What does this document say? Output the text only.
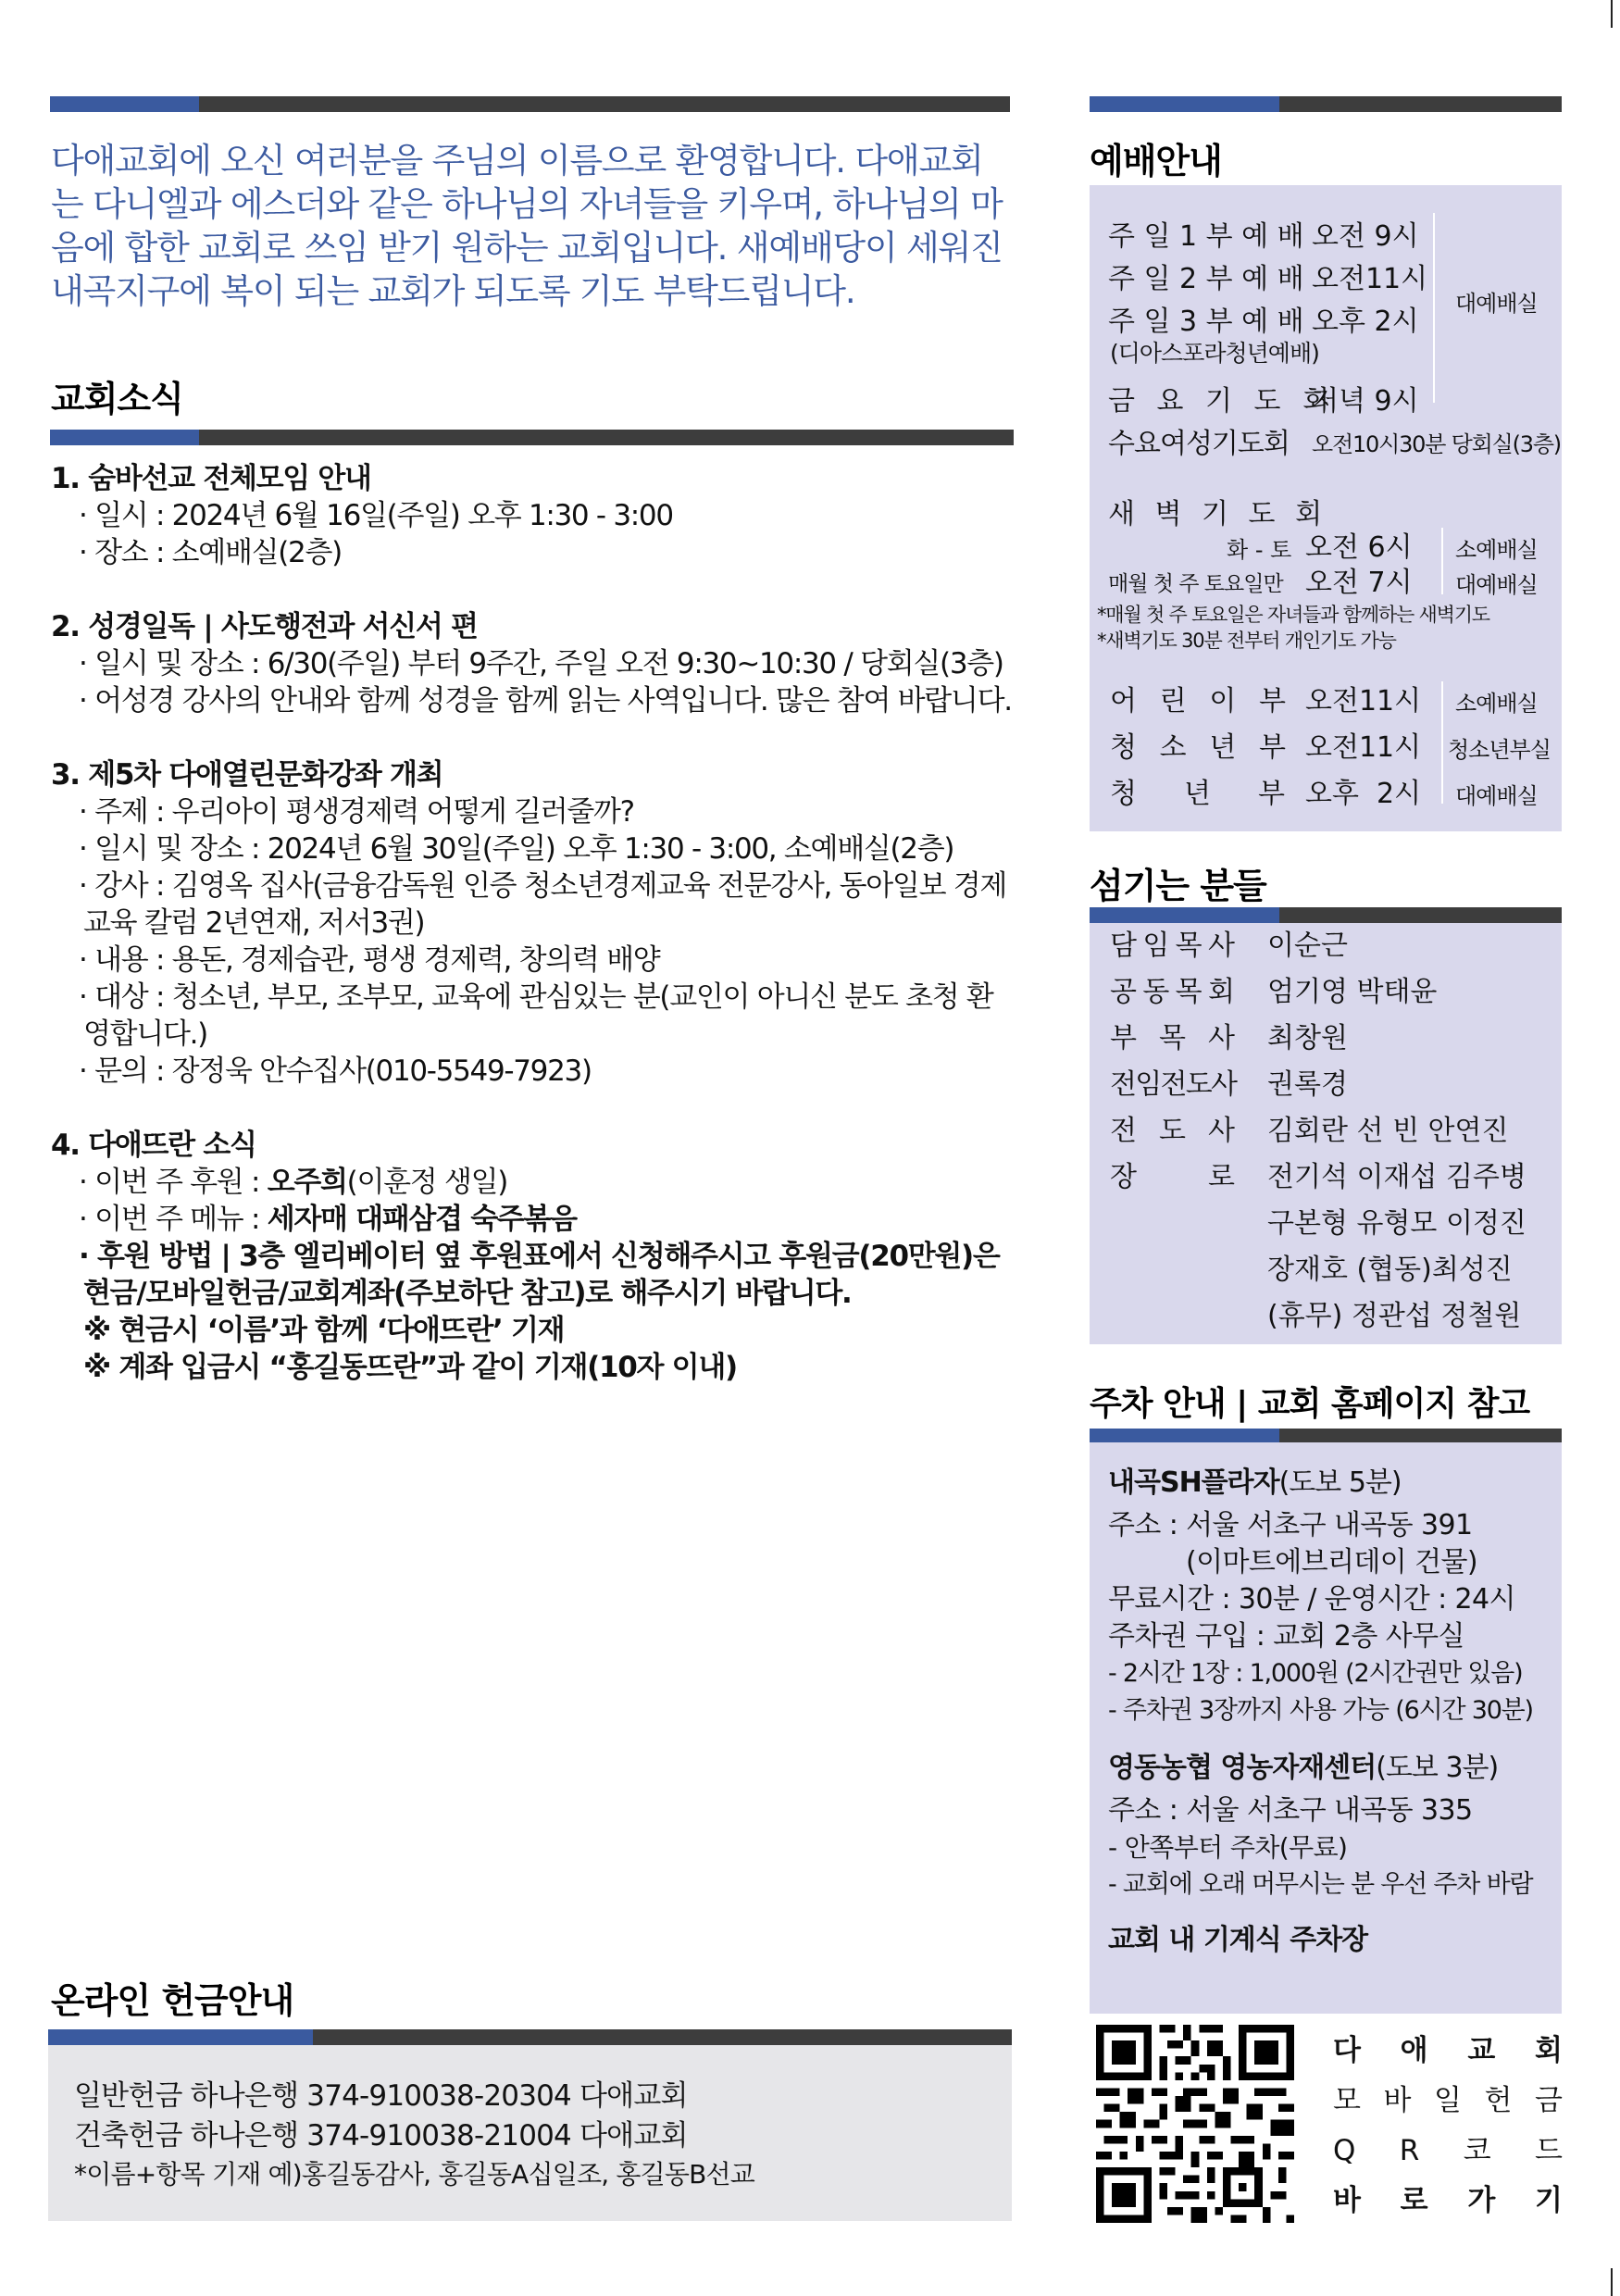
다애교회에 오신 여러분을 주님의 이름으로 환영합니다. 다애교회는 다니엘과 에스더와 같은 하나님의 자녀들을 키우며, 하나님의 마음에 합한 교회로 쓰임 받기 원하는 교회입니다. 새예배당이 세워진 내곡지구에 복이 되는 교회가 되도록 기도 부탁드립니다.
교회소식
1. 숨바선교 전체모임 안내
· 일시 : 2024년 6월 16일(주일) 오후 1:30 - 3:00
· 장소 : 소예배실(2층)
2. 성경일독 | 사도행전과 서신서 편
· 일시 및 장소 : 6/30(주일) 부터 9주간, 주일 오전 9:30~10:30 / 당회실(3층)
· 어성경 강사의 안내와 함께 성경을 함께 읽는 사역입니다. 많은 참여 바랍니다.
3. 제5차 다애열린문화강좌 개최
· 주제 : 우리아이 평생경제력 어떻게 길러줄까?
· 일시 및 장소 : 2024년 6월 30일(주일) 오후 1:30 - 3:00, 소예배실(2층)
· 강사 : 김영옥 집사(금융감독원 인증 청소년경제교육 전문강사, 동아일보 경제교육 칼럼 2년연재, 저서3권)
· 내용 : 용돈, 경제습관, 평생 경제력, 창의력 배양
· 대상 : 청소년, 부모, 조부모, 교육에 관심있는 분(교인이 아니신 분도 초청 환영합니다.)
· 문의 : 장정욱 안수집사(010-5549-7923)
4. 다애뜨란 소식
· 이번 주 후원 : 오주희(이훈정 생일)
· 이번 주 메뉴 : 세자매 대패삼겹 숙주볶음
· 후원 방법 | 3층 엘리베이터 옆 후원표에서 신청해주시고 후원금(20만원)은 현금/모바일헌금/교회계좌(주보하단 참고)로 해주시기 바랍니다.
※ 현금시 ‘이름’과 함께 ‘다애뜨란’ 기재
※ 계좌 입금시 “홍길동뜨란”과 같이 기재(10자 이내)
온라인 헌금안내
일반헌금 하나은행 374-910038-20304 다애교회
건축헌금 하나은행 374-910038-21004 다애교회
*이름+항목 기재 예)홍길동감사, 홍길동A십일조, 홍길동B선교
예배안내
주 일 1 부 예 배 오전 9시
주 일 2 부 예 배 오전11시
주 일 3 부 예 배 오후 2시
(디아스포라청년예배)
금 요 기 도 회
저녁 9시
대예배실
수요여성기도회 오전10시30분 당회실(3층)
새 벽 기 도 회
화 - 토 오전 6시 소예배실
매월 첫 주 토요일만 오전 7시 대예배실
*매월 첫 주 토요일은 자녀들과 함께하는 새벽기도
*새벽기도 30분 전부터 개인기도 가능
어 린 이 부 오전11시 소예배실
청 소 년 부 오전11시 청소년부실
청 년 부 오후  2시 대예배실
섬기는 분들
담 임 목 사 이순근
공 동 목 회 엄기영 박태윤
부 목 사 최창원
전 임 전 도 사 권록경
전 도 사 김회란 선 빈 안연진
장	로 전기석 이재섭 김주병
구본형 유형모 이정진
장재호 (협동)최성진
(휴무) 정관섭 정철원
주차 안내 | 교회 홈페이지 참고
내곡SH플라자(도보 5분)
주소 : 서울 서초구 내곡동 391
(이마트에브리데이 건물)
무료시간 : 30분 / 운영시간 : 24시
주차권 구입 : 교회 2층 사무실
- 2시간 1장 : 1,000원 (2시간권만 있음)
- 주차권 3장까지 사용 가능 (6시간 30분)
영동농협 영농자재센터(도보 3분)
주소 : 서울 서초구 내곡동 335
- 안쪽부터 주차(무료)
- 교회에 오래 머무시는 분 우선 주차 바람
교회 내 기계식 주차장
다 애 교 회
모 바 일 헌 금
Q R 코 드
바 로 가 기
